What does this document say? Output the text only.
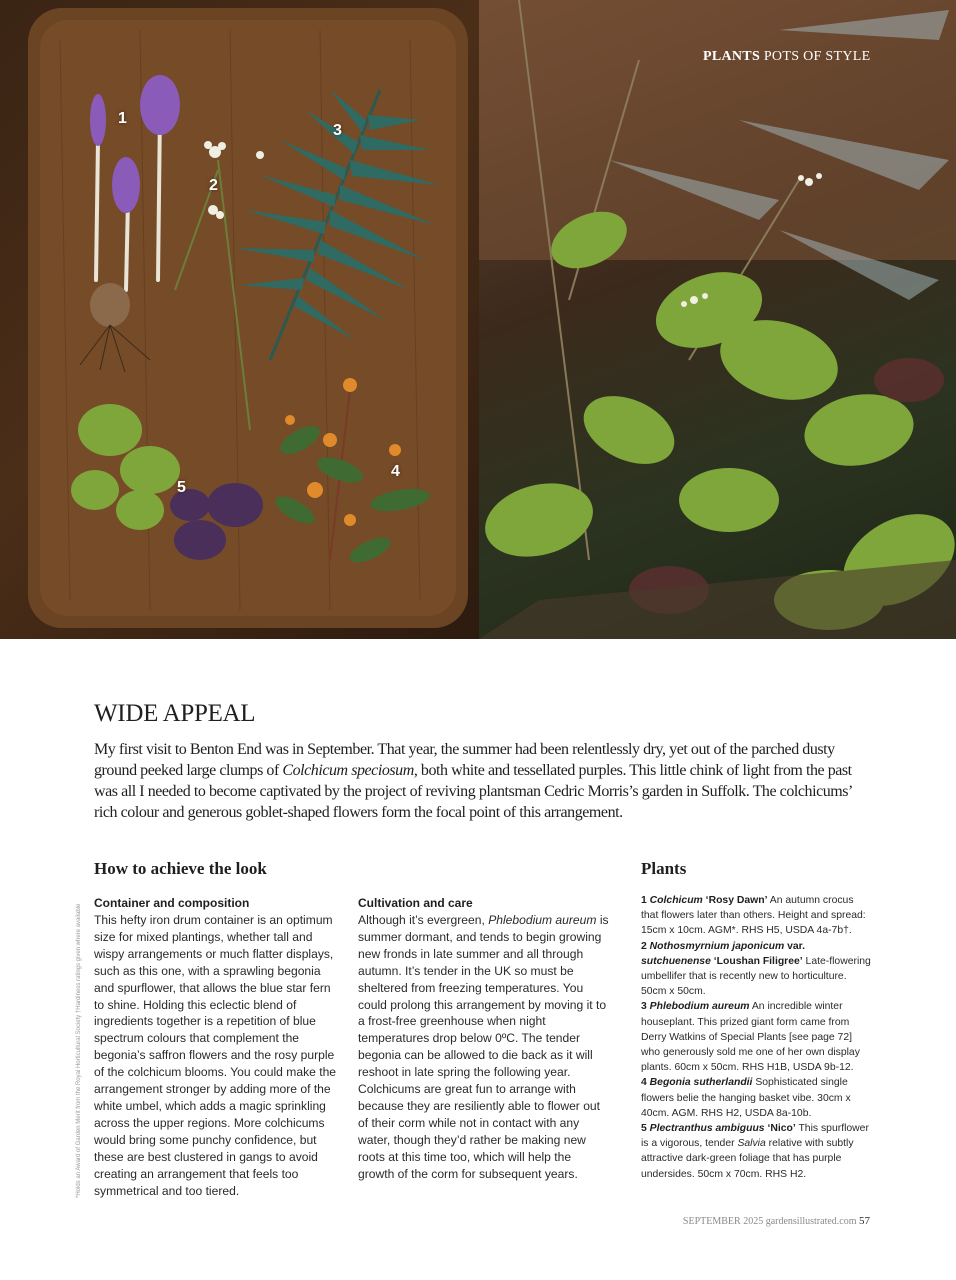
1
2
3
4
5
PLANTS POTS OF STYLE
WIDE APPEAL

My first visit to Benton End was in September. That year, the summer had been relentlessly dry, yet out of the parched dusty ground peeked large clumps of Colchicum speciosum, both white and tessellated purples. This little chink of light from the past was all I needed to become captivated by the project of reviving plantsman Cedric Morris’s garden in Suffolk. The colchicums’ rich colour and generous goblet-shaped flowers form the focal point of this arrangement.

How to achieve the look
Container and composition

This hefty iron drum container is an optimum size for mixed plantings, whether tall and wispy arrangements or much flatter displays, such as this one, with a sprawling begonia and spurflower, that allows the blue star fern to shine. Holding this eclectic blend of ingredients together is a repetition of blue spectrum colours that complement the begonia’s saffron flowers and the rosy purple of the colchicum blooms. You could make the arrangement stronger by adding more of the white umbel, which adds a magic sprinkling across the upper regions. More colchicums would bring some punchy confidence, but these are best clustered in gangs to avoid creating an arrangement that feels too symmetrical and too tiered.

Cultivation and care

Although it’s evergreen, Phlebodium aureum is summer dormant, and tends to begin growing new fronds in late summer and all through autumn. It’s tender in the UK so must be sheltered from freezing temperatures. You could prolong this arrangement by moving it to a frost-free greenhouse when night temperatures drop below 0ºC. The tender begonia can be allowed to die back as it will reshoot in late spring the following year. Colchicums are great fun to arrange with because they are resiliently able to flower out of their corm while not in contact with any water, though they’d rather be making new roots at this time too, which will help the growth of the corm for subsequent years.

Plants

1 Colchicum ‘Rosy Dawn’ An autumn crocus that flowers later than others. Height and spread: 15cm x 10cm. AGM*. RHS H5, USDA 4a-7b†.
2 Nothosmyrnium japonicum var. sutchuenense ‘Loushan Filigree’ Late-flowering umbellifer that is recently new to horticulture. 50cm x 50cm.
3 Phlebodium aureum An incredible winter houseplant. This prized giant form came from Derry Watkins of Special Plants [see page 72] who generously sold me one of her own display plants. 60cm x 50cm. RHS H1B, USDA 9b-12.
4 Begonia sutherlandii Sophisticated single flowers belie the hanging basket vibe. 30cm x 40cm. AGM. RHS H2, USDA 8a-10b.
5 Plectranthus ambiguus ‘Nico’ This spurflower is a vigorous, tender Salvia relative with subtly attractive dark-green foliage that has purple undersides. 50cm x 70cm. RHS H2.

*Holds an Award of Garden Merit from the Royal Horticultural Society †Hardiness ratings given where available
SEPTEMBER 2025 gardensillustrated.com 57
